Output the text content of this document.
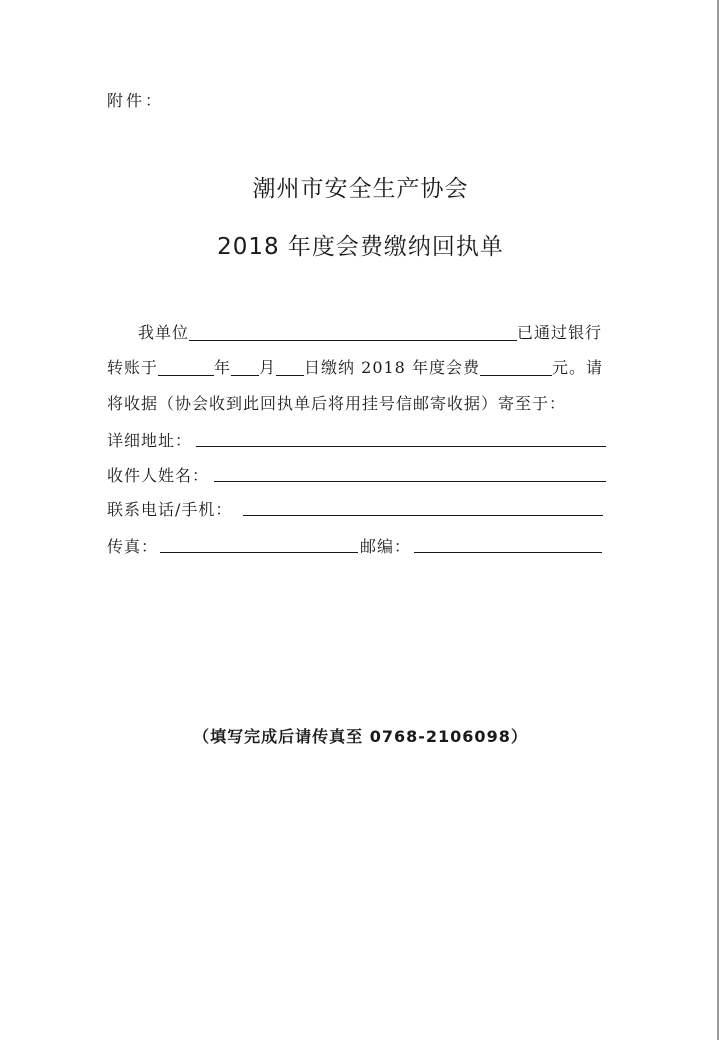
附件：
潮州市安全生产协会
2018 年度会费缴纳回执单
我单位	已通过银行
转账于	年 月 日缴纳 2018 年度会费	元。请
将收据（协会收到此回执单后将用挂号信邮寄收据）寄至于：
详细地址：
收件人姓名：
联系电话/手机：
传真：	邮编：
（填写完成后请传真至 0768-2106098）
